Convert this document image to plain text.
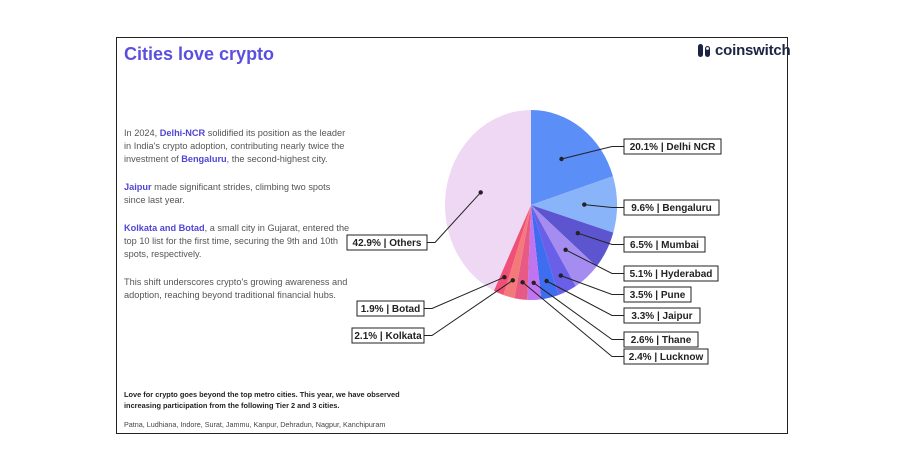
Cities love crypto	coinswitch

In 2024, Delhi-NCR solidified its position as the leader in India's crypto adoption, contributing nearly twice the investment of Bengaluru, the second-highest city.

Jaipur made significant strides, climbing two spots since last year.

Kolkata and Botad, a small city in Gujarat, entered the top 10 list for the first time, securing the 9th and 10th spots, respectively.

This shift underscores crypto's growing awareness and adoption, reaching beyond traditional financial hubs.

Love for crypto goes beyond the top metro cities. This year, we have observed increasing participation from the following Tier 2 and 3 cities.

Patna, Ludhiana, Indore, Surat, Jammu, Kanpur, Dehradun, Nagpur, Kanchipuram

20.1% | Delhi NCR
9.6% | Bengaluru
6.5% | Mumbai
5.1% | Hyderabad
3.5% | Pune
3.3% | Jaipur
2.6% | Thane
2.4% | Lucknow
2.1% | Kolkata
1.9% | Botad
42.9% | Others
